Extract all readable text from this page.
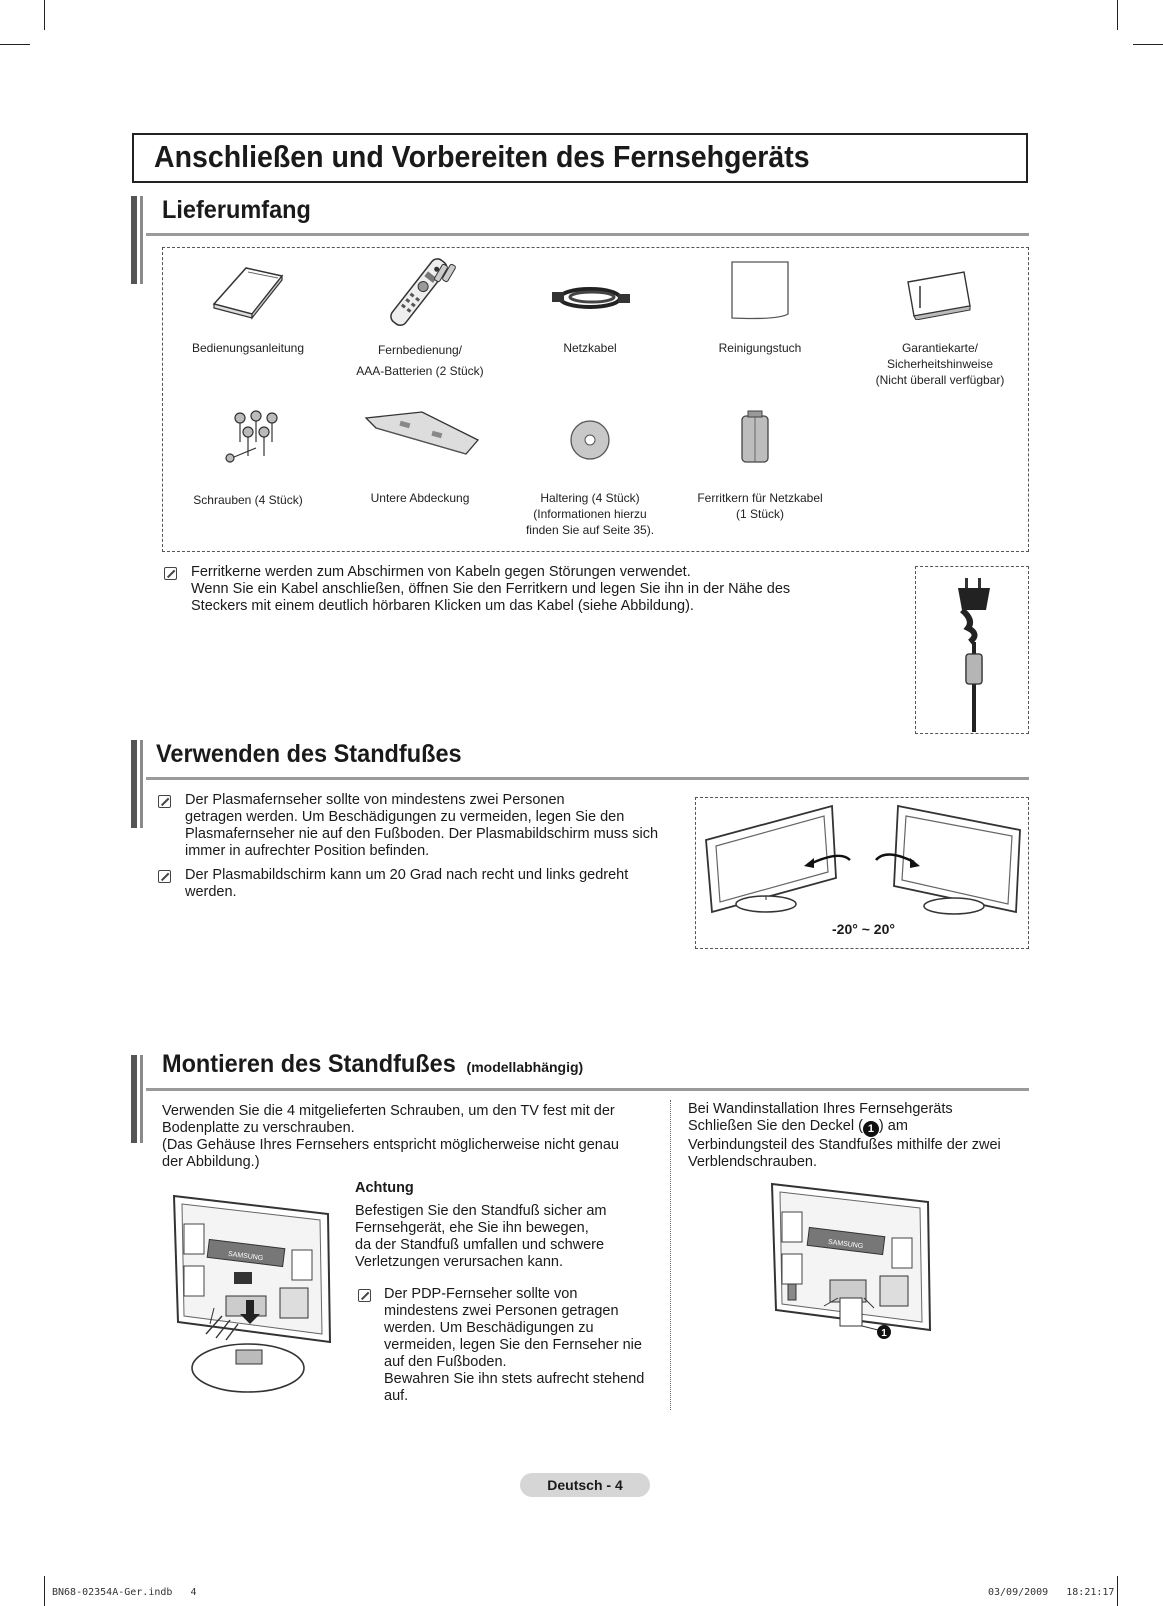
Anschließen und Vorbereiten des Fernsehgeräts
Lieferumfang
Bedienungsanleitung	Fernbedienung/
AAA-Batterien (2 Stück)
Netzkabel	Reinigungstuch	Garantiekarte/
Sicherheitshinweise
(Nicht überall verfügbar)
Schrauben (4 Stück)	Untere Abdeckung	Haltering (4 Stück)
(Informationen hierzu
finden Sie auf Seite 35).
Ferritkern für Netzkabel
(1 Stück)

Ferritkerne werden zum Abschirmen von Kabeln gegen Störungen verwendet.

Wenn Sie ein Kabel anschließen, öffnen Sie den Ferritkern und legen Sie ihn in der Nähe des

Steckers mit einem deutlich hörbaren Klicken um das Kabel (siehe Abbildung).

Verwenden des Standfußes

Der Plasmafernseher sollte von mindestens zwei Personen

getragen werden. Um Beschädigungen zu vermeiden, legen Sie den

Plasmafernseher nie auf den Fußboden. Der Plasmabildschirm muss sich

immer in aufrechter Position befinden.

Der Plasmabildschirm kann um 20 Grad nach recht und links gedreht

werden.

-20° ~ 20°
Montieren des Standfußes (modellabhängig)

Verwenden Sie die 4 mitgelieferten Schrauben, um den TV fest mit der

Bodenplatte zu verschrauben.

(Das Gehäuse Ihres Fernsehers entspricht möglicherweise nicht genau

der Abbildung.)

Achtung

Befestigen Sie den Standfuß sicher am

Fernsehgerät, ehe Sie ihn bewegen,

da der Standfuß umfallen und schwere

Verletzungen verursachen kann.

Der PDP-Fernseher sollte von

mindestens zwei Personen getragen

werden. Um Beschädigungen zu

vermeiden, legen Sie den Fernseher nie

auf den Fußboden.

Bewahren Sie ihn stets aufrecht stehend

auf.

SAMSUNG

Bei Wandinstallation Ihres Fernsehgeräts

Schließen Sie den Deckel ( 1 ) am

Verbindungsteil des Standfußes mithilfe der zwei

Verblendschrauben.

SAMSUNG
1
Deutsch - 4
BN68-02354A-Ger.indb   4	03/09/2009   18:21:17
